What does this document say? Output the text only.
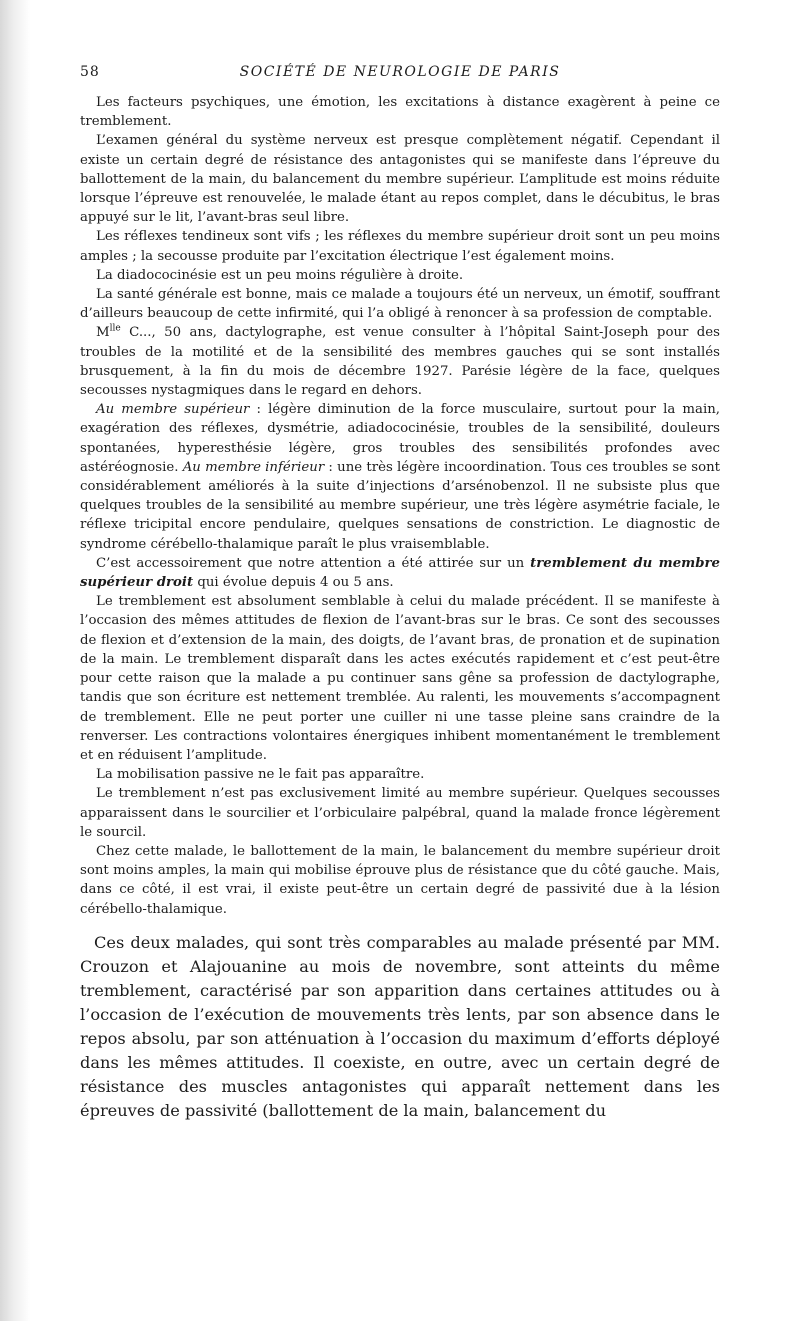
58	SOCIÉTÉ DE NEUROLOGIE DE PARIS

Les facteurs psychiques, une émotion, les excitations à distance exagèrent à peine ce tremblement.

L’examen général du système nerveux est presque complètement négatif. Cependant il existe un certain degré de résistance des antagonistes qui se manifeste dans l’épreuve du ballottement de la main, du balancement du membre supérieur. L’amplitude est moins réduite lorsque l’épreuve est renouvelée, le malade étant au repos complet, dans le décubitus, le bras appuyé sur le lit, l’avant-bras seul libre.

Les réflexes tendineux sont vifs ; les réflexes du membre supérieur droit sont un peu moins amples ; la secousse produite par l’excitation électrique l’est également moins.

La diadococinésie est un peu moins régulière à droite.

La santé générale est bonne, mais ce malade a toujours été un nerveux, un émotif, souffrant d’ailleurs beaucoup de cette infirmité, qui l’a obligé à renoncer à sa profession de comptable.

$M^{lle}$ C..., 50 ans, dactylographe, est venue consulter à l’hôpital Saint-Joseph pour des troubles de la motilité et de la sensibilité des membres gauches qui se sont installés brusquement, à la fin du mois de décembre 1927. Parésie légère de la face, quelques secousses nystagmiques dans le regard en dehors.

Au membre supérieur : légère diminution de la force musculaire, surtout pour la main, exagération des réflexes, dysmétrie, adiadococinésie, troubles de la sensibilité, douleurs spontanées, hyperesthésie légère, gros troubles des sensibilités profondes avec astéréognosie. Au membre inférieur : une très légère incoordination. Tous ces troubles se sont considérablement améliorés à la suite d’injections d’arsénobenzol. Il ne subsiste plus que quelques troubles de la sensibilité au membre supérieur, une très légère asymétrie faciale, le réflexe tricipital encore pendulaire, quelques sensations de constriction. Le diagnostic de syndrome cérébello-thalamique paraît le plus vraisemblable.

C’est accessoirement que notre attention a été attirée sur un tremblement du membre supérieur droit qui évolue depuis 4 ou 5 ans.

Le tremblement est absolument semblable à celui du malade précédent. Il se manifeste à l’occasion des mêmes attitudes de flexion de l’avant-bras sur le bras. Ce sont des secousses de flexion et d’extension de la main, des doigts, de l’avant bras, de pronation et de supination de la main. Le tremblement disparaît dans les actes exécutés rapidement et c’est peut-être pour cette raison que la malade a pu continuer sans gêne sa profession de dactylographe, tandis que son écriture est nettement tremblée. Au ralenti, les mouvements s’accompagnent de tremblement. Elle ne peut porter une cuiller ni une tasse pleine sans craindre de la renverser. Les contractions volontaires énergiques inhibent momentanément le tremblement et en réduisent l’amplitude.

La mobilisation passive ne le fait pas apparaître.

Le tremblement n’est pas exclusivement limité au membre supérieur. Quelques secousses apparaissent dans le sourcilier et l’orbiculaire palpébral, quand la malade fronce légèrement le sourcil.

Chez cette malade, le ballottement de la main, le balancement du membre supérieur droit sont moins amples, la main qui mobilise éprouve plus de résistance que du côté gauche. Mais, dans ce côté, il est vrai, il existe peut-être un certain degré de passivité due à la lésion cérébello-thalamique.

Ces deux malades, qui sont très comparables au malade présenté par MM. Crouzon et Alajouanine au mois de novembre, sont atteints du même tremblement, caractérisé par son apparition dans certaines attitudes ou à l’occasion de l’exécution de mouvements très lents, par son absence dans le repos absolu, par son atténuation à l’occasion du maximum d’efforts déployé dans les mêmes attitudes. Il coexiste, en outre, avec un certain degré de résistance des muscles antagonistes qui apparaît nettement dans les épreuves de passivité (ballottement de la main, balancement du
